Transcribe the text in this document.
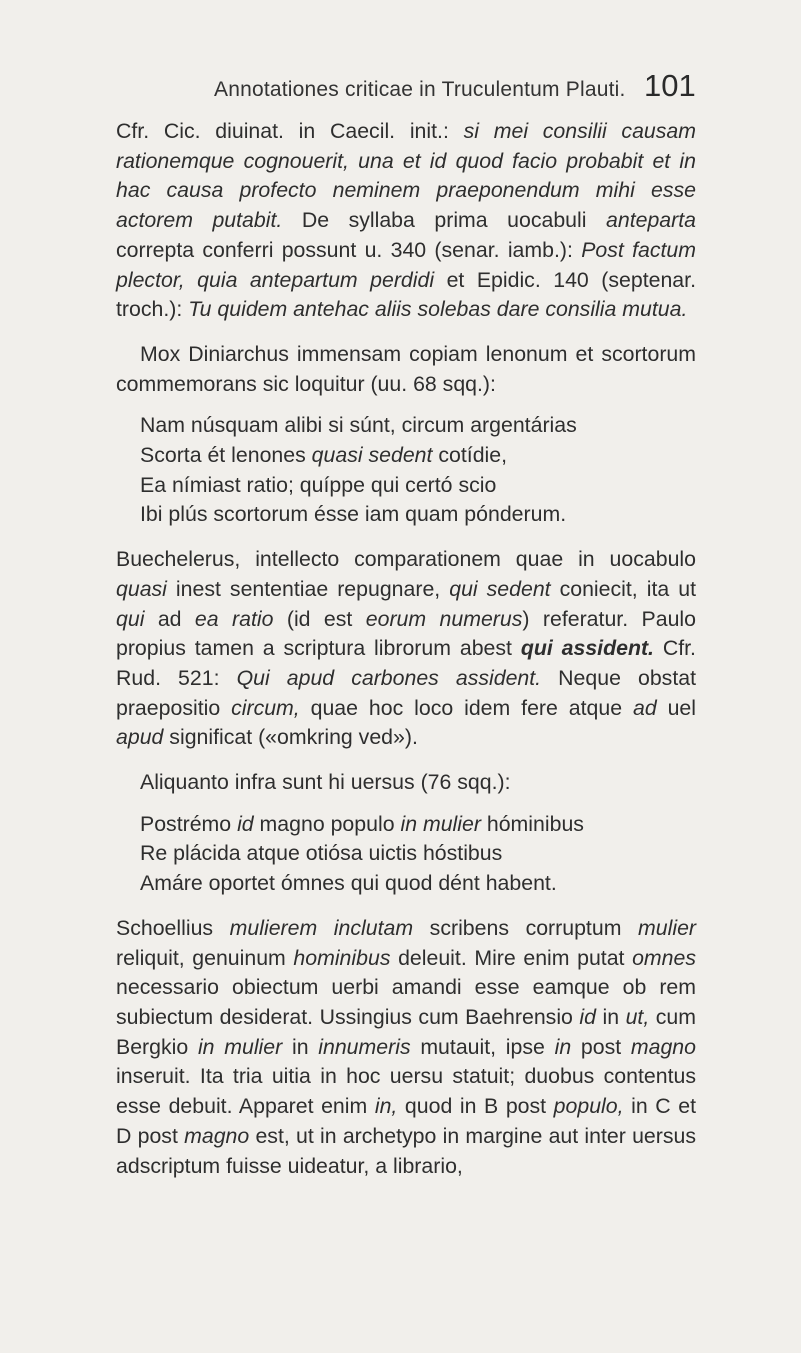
Annotationes criticae in Truculentum Plauti. 101

Cfr. Cic. diuinat. in Caecil. init.: si mei consilii causam rationemque cognouerit, una et id quod facio probabit et in hac causa profecto neminem praeponendum mihi esse actorem putabit. De syllaba prima uocabuli anteparta correpta conferri possunt u. 340 (senar. iamb.): Post factum plector, quia antepartum perdidi et Epidic. 140 (septenar. troch.): Tu quidem antehac aliis solebas dare consilia mutua.

Mox Diniarchus immensam copiam lenonum et scortorum commemorans sic loquitur (uu. 68 sqq.):

Nam núsquam alibi si súnt, circum argentárias
Scorta ét lenones quasi sedent cotídie,
Ea nímiast ratio; quíppe qui certó scio
Ibi plús scortorum ésse iam quam pónderum.

Buechelerus, intellecto comparationem quae in uocabulo quasi inest sententiae repugnare, qui sedent coniecit, ita ut qui ad ea ratio (id est eorum numerus) referatur. Paulo propius tamen a scriptura librorum abest qui assident. Cfr. Rud. 521: Qui apud carbones assident. Neque obstat praepositio circum, quae hoc loco idem fere atque ad uel apud significat («omkring ved»).

Aliquanto infra sunt hi uersus (76 sqq.):

Postrémo id magno populo in mulier hóminibus
Re plácida atque otiósa uictis hóstibus
Amáre oportet ómnes qui quod dént habent.

Schoellius mulierem inclutam scribens corruptum mulier reliquit, genuinum hominibus deleuit. Mire enim putat omnes necessario obiectum uerbi amandi esse eamque ob rem subiectum desiderat. Ussingius cum Baehrensio id in ut, cum Bergkio in mulier in innumeris mutauit, ipse in post magno inseruit. Ita tria uitia in hoc uersu statuit; duobus contentus esse debuit. Apparet enim in, quod in B post populo, in C et D post magno est, ut in archetypo in margine aut inter uersus adscriptum fuisse uideatur, a librario,
